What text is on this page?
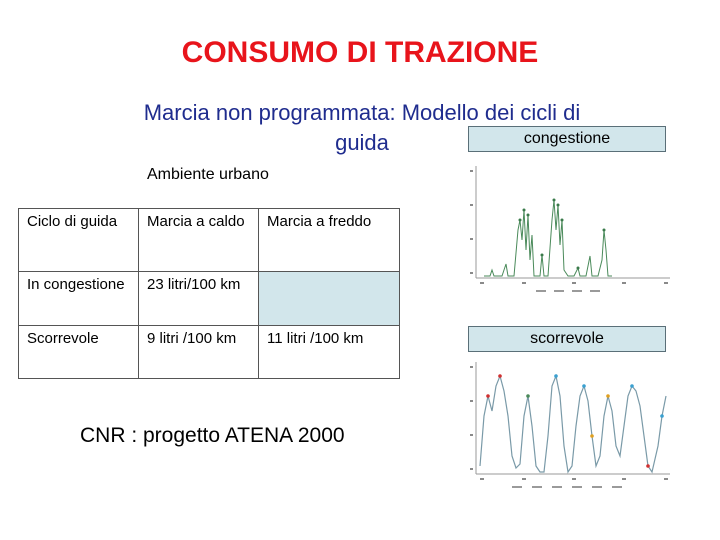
CONSUMO DI TRAZIONE
Marcia non programmata: Modello dei cicli di
guida
Ambiente urbano
Ciclo di guida	Marcia a caldo	Marcia a freddo
In congestione	23 litri/100 km	
Scorrevole	9 litri /100 km	11 litri /100 km
CNR : progetto ATENA 2000
congestione
scorrevole
